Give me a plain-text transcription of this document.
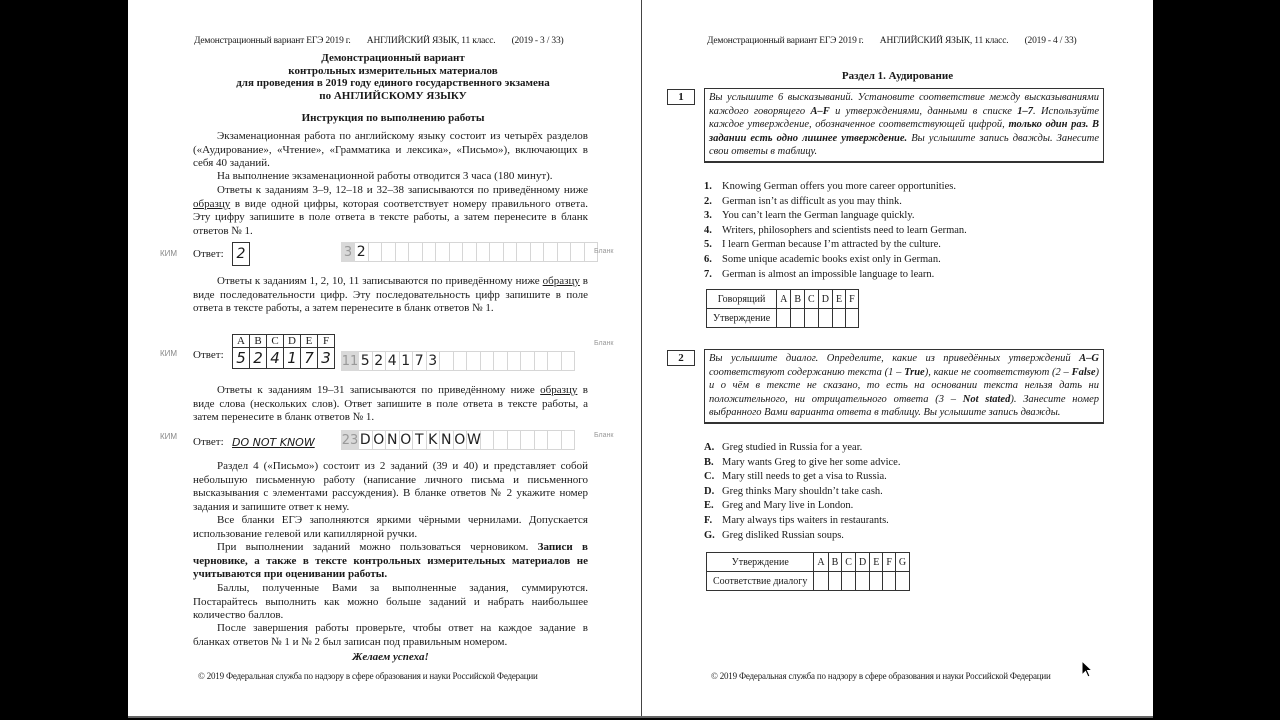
Демонстрационный вариант ЕГЭ 2019 г. АНГЛИЙСКИЙ ЯЗЫК, 11 класс. (2019 - 3 / 33)
Демонстрационный вариант
контрольных измерительных материалов
для проведения в 2019 году единого государственного экзамена
по АНГЛИЙСКОМУ ЯЗЫКУ
Инструкция по выполнению работы
Экзаменационная работа по английскому языку состоит из четырёх разделов («Аудирование», «Чтение», «Грамматика и лексика», «Письмо»), включающих в себя 40 заданий.
На выполнение экзаменационной работы отводится 3 часа (180 минут).
Ответы к заданиям 3–9, 12–18 и 32–38 записываются по приведённому ниже образцу в виде одной цифры, которая соответствует номеру правильного ответа. Эту цифру запишите в поле ответа в тексте работы, а затем перенесите в бланк ответов № 1.
КИМ Ответ: 2	3 2	Бланк
Ответы к заданиям 1, 2, 10, 11 записываются по приведённому ниже образцу в виде последовательности цифр. Эту последовательность цифр запишите в поле ответа в тексте работы, а затем перенесите в бланк ответов № 1.
КИМ Ответ:
A	B	C	D	E	F
5	2	4	1	7	3 11 5 2 4 1 7 3
Бланк
Ответы к заданиям 19–31 записываются по приведённому ниже образцу в виде слова (нескольких слов). Ответ запишите в поле ответа в тексте работы, а затем перенесите в бланк ответов № 1.
КИМ Ответ: DO NOT KNOW 23 D O N O T K N O W	Бланк
Раздел 4 («Письмо») состоит из 2 заданий (39 и 40) и представляет собой небольшую письменную работу (написание личного письма и письменного высказывания с элементами рассуждения). В бланке ответов № 2 укажите номер задания и запишите ответ к нему.
Все бланки ЕГЭ заполняются яркими чёрными чернилами. Допускается использование гелевой или капиллярной ручки.
При выполнении заданий можно пользоваться черновиком. Записи в черновике, а также в тексте контрольных измерительных материалов не учитываются при оценивании работы.
Баллы, полученные Вами за выполненные задания, суммируются. Постарайтесь выполнить как можно больше заданий и набрать наибольшее количество баллов.
После завершения работы проверьте, чтобы ответ на каждое задание в бланках ответов № 1 и № 2 был записан под правильным номером.
Желаем успеха!
© 2019 Федеральная служба по надзору в сфере образования и науки Российской Федерации
Демонстрационный вариант ЕГЭ 2019 г. АНГЛИЙСКИЙ ЯЗЫК, 11 класс. (2019 - 4 / 33)
Раздел 1. Аудирование
1	Вы услышите 6 высказываний. Установите соответствие между высказываниями каждого говорящего A–F и утверждениями, данными в списке 1–7. Используйте каждое утверждение, обозначенное соответствующей цифрой, только один раз. В задании есть одно лишнее утверждение. Вы услышите запись дважды. Занесите свои ответы в таблицу.
1. Knowing German offers you more career opportunities.
2. German isn’t as difficult as you may think.
3. You can’t learn the German language quickly.
4. Writers, philosophers and scientists need to learn German.
5. I learn German because I’m attracted by the culture.
6. Some unique academic books exist only in German.
7. German is almost an impossible language to learn.
Говорящий	A	B	C	D	E	F
Утверждение						
2	Вы услышите диалог. Определите, какие из приведённых утверждений A–G соответствуют содержанию текста (1 – True), какие не соответствуют (2 – False) и о чём в тексте не сказано, то есть на основании текста нельзя дать ни положительного, ни отрицательного ответа (3 – Not stated). Занесите номер выбранного Вами варианта ответа в таблицу. Вы услышите запись дважды.
A. Greg studied in Russia for a year.
B. Mary wants Greg to give her some advice.
C. Mary still needs to get a visa to Russia.
D. Greg thinks Mary shouldn’t take cash.
E. Greg and Mary live in London.
F. Mary always tips waiters in restaurants.
G. Greg disliked Russian soups.
Утверждение	A	B	C	D	E	F	G
Соответствие диалогу							
© 2019 Федеральная служба по надзору в сфере образования и науки Российской Федерации
